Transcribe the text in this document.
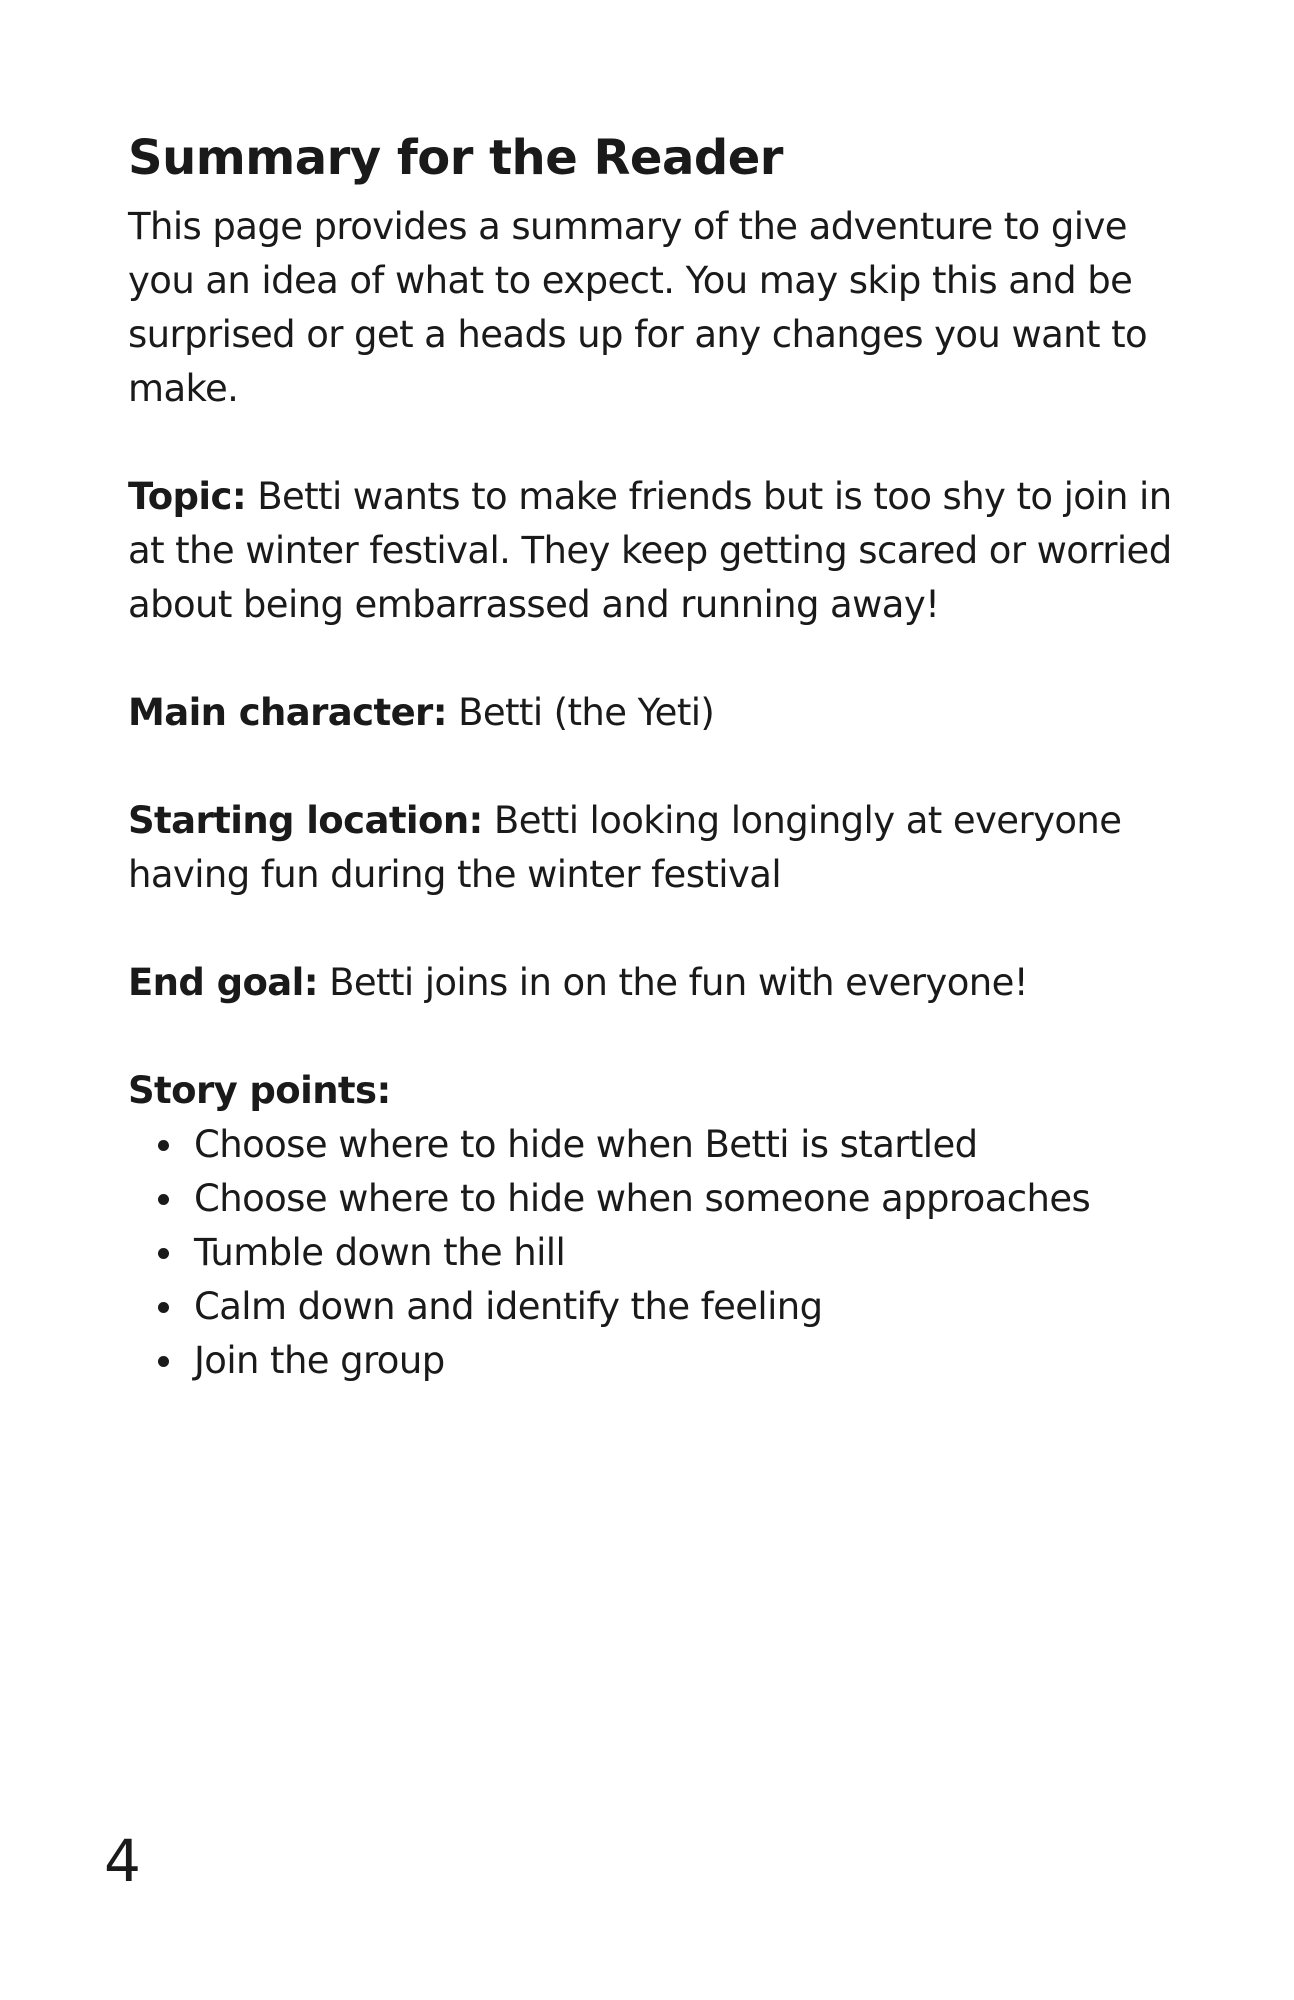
Summary for the Reader

This page provides a summary of the adventure to give you an idea of what to expect. You may skip this and be surprised or get a heads up for any changes you want to make.

Topic: Betti wants to make friends but is too shy to join in at the winter festival. They keep getting scared or worried about being embarrassed and running away!

Main character: Betti (the Yeti)

Starting location: Betti looking longingly at everyone having fun during the winter festival

End goal: Betti joins in on the fun with everyone!

Story points:

Choose where to hide when Betti is startled
Choose where to hide when someone approaches
Tumble down the hill
Calm down and identify the feeling
Join the group
4
